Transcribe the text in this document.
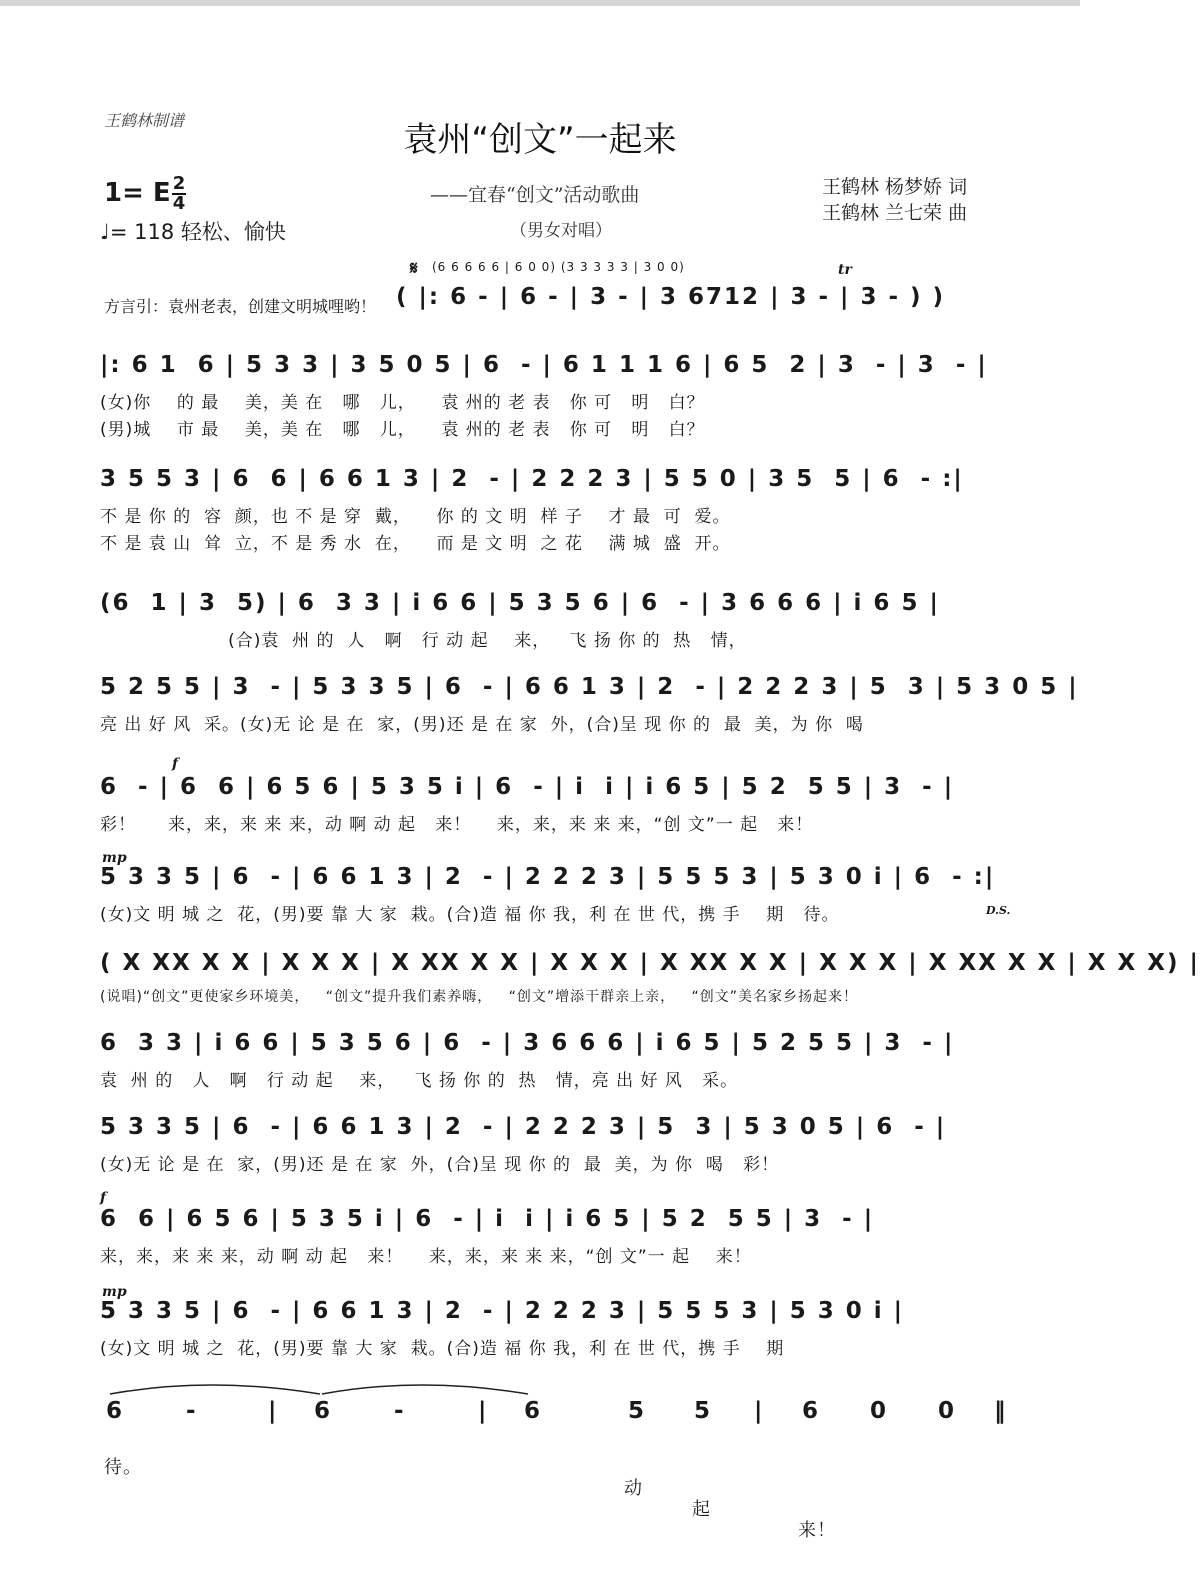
王鹤林制谱	袁州“创文”一起来
1= E 2
4
♩= 118 轻松、愉快
——宜春“创文”活动歌曲
（男女对唱）
王鹤林 杨梦娇 词
王鹤林 兰七荣 曲
(6 6 6 6 6 | 6 0 0) (3 3 3 3 3 | 3 0 0)
𝄋	tr
方言引：袁州老表，创建文明城哩哟！ ( |: 6 - | 6 - | 3 - | 3 6712 | 3 - | 3 - ) )
|: 6 1  6 | 5 3 3 | 3 5 0 5 | 6  - | 6 1 1 1 6 | 6 5  2 | 3  - | 3  - |
(女)你    的 最    美，美 在   哪   儿，    袁 州的 老 表   你 可   明   白？
(男)城    市 最    美，美 在   哪   儿，    袁 州的 老 表   你 可   明   白？
3 5 5 3 | 6  6 | 6 6 1 3 | 2  - | 2 2 2 3 | 5 5 0 | 3 5  5 | 6  - :|
不 是 你 的  容  颜，也 不 是 穿  戴，    你 的 文 明  样 子    才 最  可  爱。
不 是 袁 山  耸  立，不 是 秀 水  在，    而 是 文 明  之 花    满 城  盛  开。
(6  1 | 3  5) | 6  3 3 | i 6 6 | 5 3 5 6 | 6  - | 3 6 6 6 | i 6 5 |
(合)袁  州 的  人   啊   行 动 起    来，   飞 扬 你 的  热   情，
5 2 5 5 | 3  - | 5 3 3 5 | 6  - | 6 6 1 3 | 2  - | 2 2 2 3 | 5  3 | 5 3 0 5 |
亮 出 好 风  采。(女)无 论 是 在  家，(男)还 是 在 家  外，(合)呈 现 你 的  最  美，为 你  喝
6  - | 6  6 | 6 5 6 | 5 3 5 i | 6  - | i  i | i 6 5 | 5 2  5 5 | 3  - |
彩！     来，来，来 来 来，动 啊 动 起   来！    来，来，来 来 来，“创 文”一 起   来！
5 3 3 5 | 6  - | 6 6 1 3 | 2  - | 2 2 2 3 | 5 5 5 3 | 5 3 0 i | 6  - :|
(女)文 明 城 之  花，(男)要 靠 大 家  栽。(合)造 福 你 我，利 在 世 代，携 手    期   待。
( X XX X X | X X X | X XX X X | X X X | X XX X X | X X X | X XX X X | X X X) |
(说唱)“创文”更使家乡环境美，   “创文”提升我们素养嗨，   “创文”增添干群亲上亲，   “创文”美名家乡扬起来！
6  3 3 | i 6 6 | 5 3 5 6 | 6  - | 3 6 6 6 | i 6 5 | 5 2 5 5 | 3  - |
袁  州 的   人   啊   行 动 起    来，   飞 扬 你 的  热   情，亮 出 好 风   采。
5 3 3 5 | 6  - | 6 6 1 3 | 2  - | 2 2 2 3 | 5  3 | 5 3 0 5 | 6  - |
(女)无 论 是 在  家，(男)还 是 在 家  外，(合)呈 现 你 的  最  美，为 你  喝   彩！
6  6 | 6 5 6 | 5 3 5 i | 6  - | i  i | i 6 5 | 5 2  5 5 | 3  - |
来，来，来 来 来，动 啊 动 起   来！    来，来，来 来 来，“创 文”一 起    来！
5 3 3 5 | 6  - | 6 6 1 3 | 2  - | 2 2 2 3 | 5 5 5 3 | 5 3 0 i |
(女)文 明 城 之  花，(男)要 靠 大 家  栽。(合)造 福 你 我，利 在 世 代，携 手    期
f
mp
D.S.
f
mp
6	-	| 6	-	| 6	5 5 | 6 0 0 ‖

待。

动

起

来！
